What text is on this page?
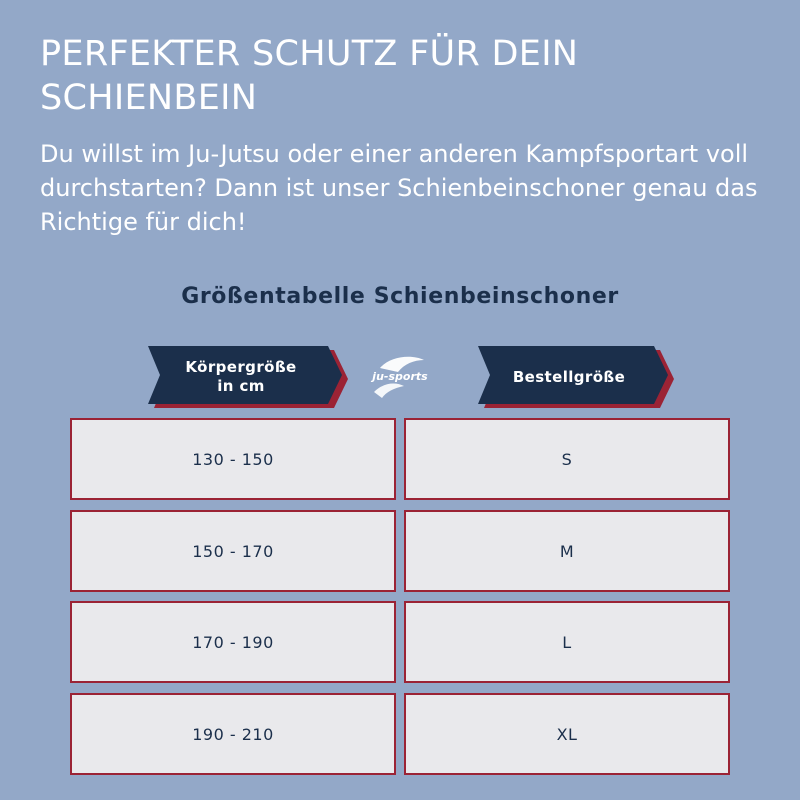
PERFEKTER SCHUTZ FÜR DEIN SCHIENBEIN

Du willst im Ju-Jutsu oder einer anderen Kampfsportart voll durchstarten? Dann ist unser Schienbeinschoner genau das Richtige für dich!

Größentabelle Schienbeinschoner
Körpergröße
in cm
ju-sports	Bestellgröße
130 - 150	S
150 - 170	M
170 - 190	L
190 - 210	XL
